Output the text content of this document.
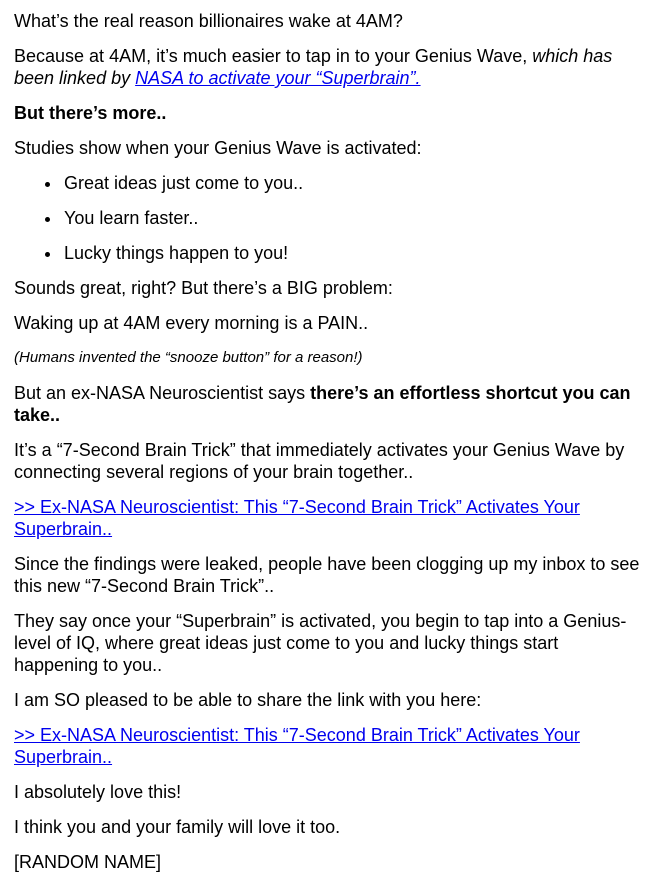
What’s the real reason billionaires wake at 4AM?

Because at 4AM, it’s much easier to tap in to your Genius Wave, which has been linked by NASA to activate your “Superbrain”.

But there’s more..

Studies show when your Genius Wave is activated:

• Great ideas just come to you..
• You learn faster..
• Lucky things happen to you!

Sounds great, right? But there’s a BIG problem:

Waking up at 4AM every morning is a PAIN..

(Humans invented the “snooze button” for a reason!)

But an ex-NASA Neuroscientist says there’s an effortless shortcut you can take..

It’s a “7-Second Brain Trick” that immediately activates your Genius Wave by connecting several regions of your brain together..

>> Ex-NASA Neuroscientist: This “7-Second Brain Trick” Activates Your Superbrain..

Since the findings were leaked, people have been clogging up my inbox to see this new “7-Second Brain Trick”..

They say once your “Superbrain” is activated, you begin to tap into a Genius-level of IQ, where great ideas just come to you and lucky things start happening to you..

I am SO pleased to be able to share the link with you here:

>> Ex-NASA Neuroscientist: This “7-Second Brain Trick” Activates Your Superbrain..

I absolutely love this!

I think you and your family will love it too.

[RANDOM NAME]
